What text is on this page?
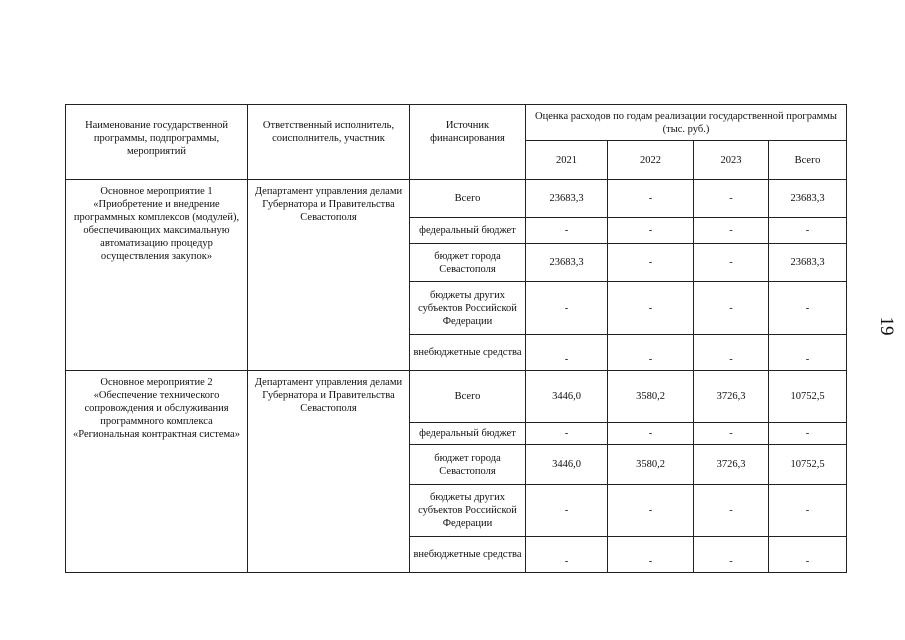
19
Наименование государственной программы, подпрограммы, мероприятий	Ответственный исполнитель, соисполнитель, участник	Источник финансирования	Оценка расходов по годам реализации государственной программы (тыс. руб.)			
			2021	2022	2023	Всего
Основное мероприятие 1 «Приобретение и внедрение программных комплексов (модулей), обеспечивающих максимальную автоматизацию процедур осуществления закупок»	Департамент управления делами Губернатора и Правительства Севастополя	Всего	23683,3	-	-	23683,3
		федеральный бюджет	-	-	-	-
		бюджет города Севастополя	23683,3	-	-	23683,3
		бюджеты других субъектов Российской Федерации	-	-	-	-
		внебюджетные средства	-	-	-	-
Основное мероприятие 2 «Обеспечение технического сопровождения и обслуживания программного комплекса «Региональная контрактная система»	Департамент управления делами Губернатора и Правительства Севастополя	Всего	3446,0	3580,2	3726,3	10752,5
		федеральный бюджет	-	-	-	-
		бюджет города Севастополя	3446,0	3580,2	3726,3	10752,5
		бюджеты других субъектов Российской Федерации	-	-	-	-
		внебюджетные средства	-	-	-	-
